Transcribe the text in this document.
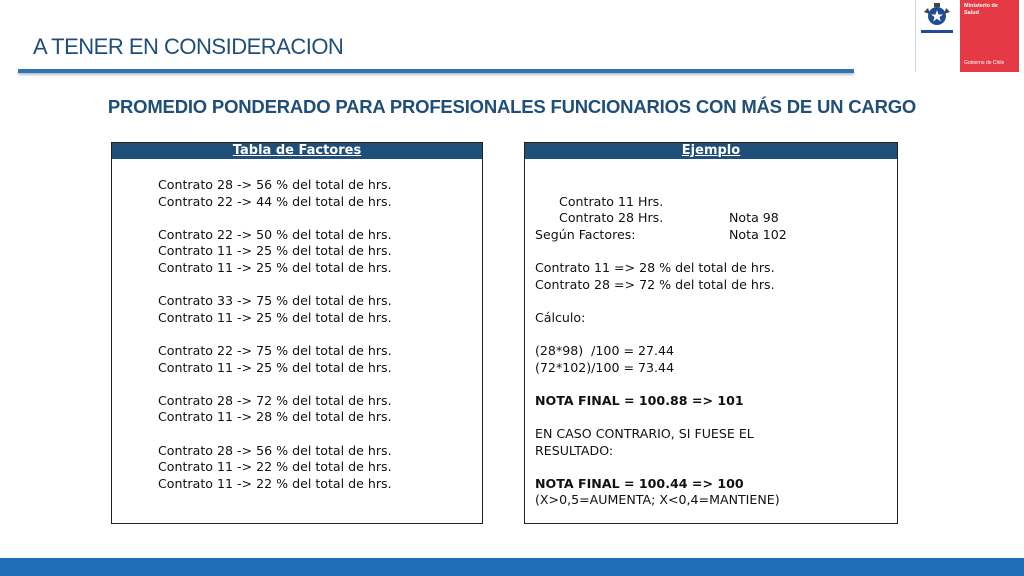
A TENER EN CONSIDERACION
PROMEDIO PONDERADO PARA PROFESIONALES FUNCIONARIOS CON MÁS DE UN CARGO
Ministerio de
Salud
Gobierno de Chile
Tabla de Factores
Contrato 28 -> 56 % del total de hrs.
Contrato 22 -> 44 % del total de hrs.
Contrato 22 -> 50 % del total de hrs.
Contrato 11 -> 25 % del total de hrs.
Contrato 11 -> 25 % del total de hrs.
Contrato 33 -> 75 % del total de hrs.
Contrato 11 -> 25 % del total de hrs.
Contrato 22 -> 75 % del total de hrs.
Contrato 11 -> 25 % del total de hrs.
Contrato 28 -> 72 % del total de hrs.
Contrato 11 -> 28 % del total de hrs.
Contrato 28 -> 56 % del total de hrs.
Contrato 11 -> 22 % del total de hrs.
Contrato 11 -> 22 % del total de hrs.
Ejemplo

Contrato 11 Hrs.

Nota 98

Contrato 28 Hrs.

Nota 102

Según Factores:
Contrato 11 => 28 % del total de hrs.
Contrato 28 => 72 % del total de hrs.
Cálculo:
(28*98)  /100 = 27.44
(72*102)/100 = 73.44
NOTA FINAL = 100.88 => 101
EN CASO CONTRARIO, SI FUESE EL
RESULTADO:
NOTA FINAL = 100.44 => 100
(X>0,5=AUMENTA; X<0,4=MANTIENE)
